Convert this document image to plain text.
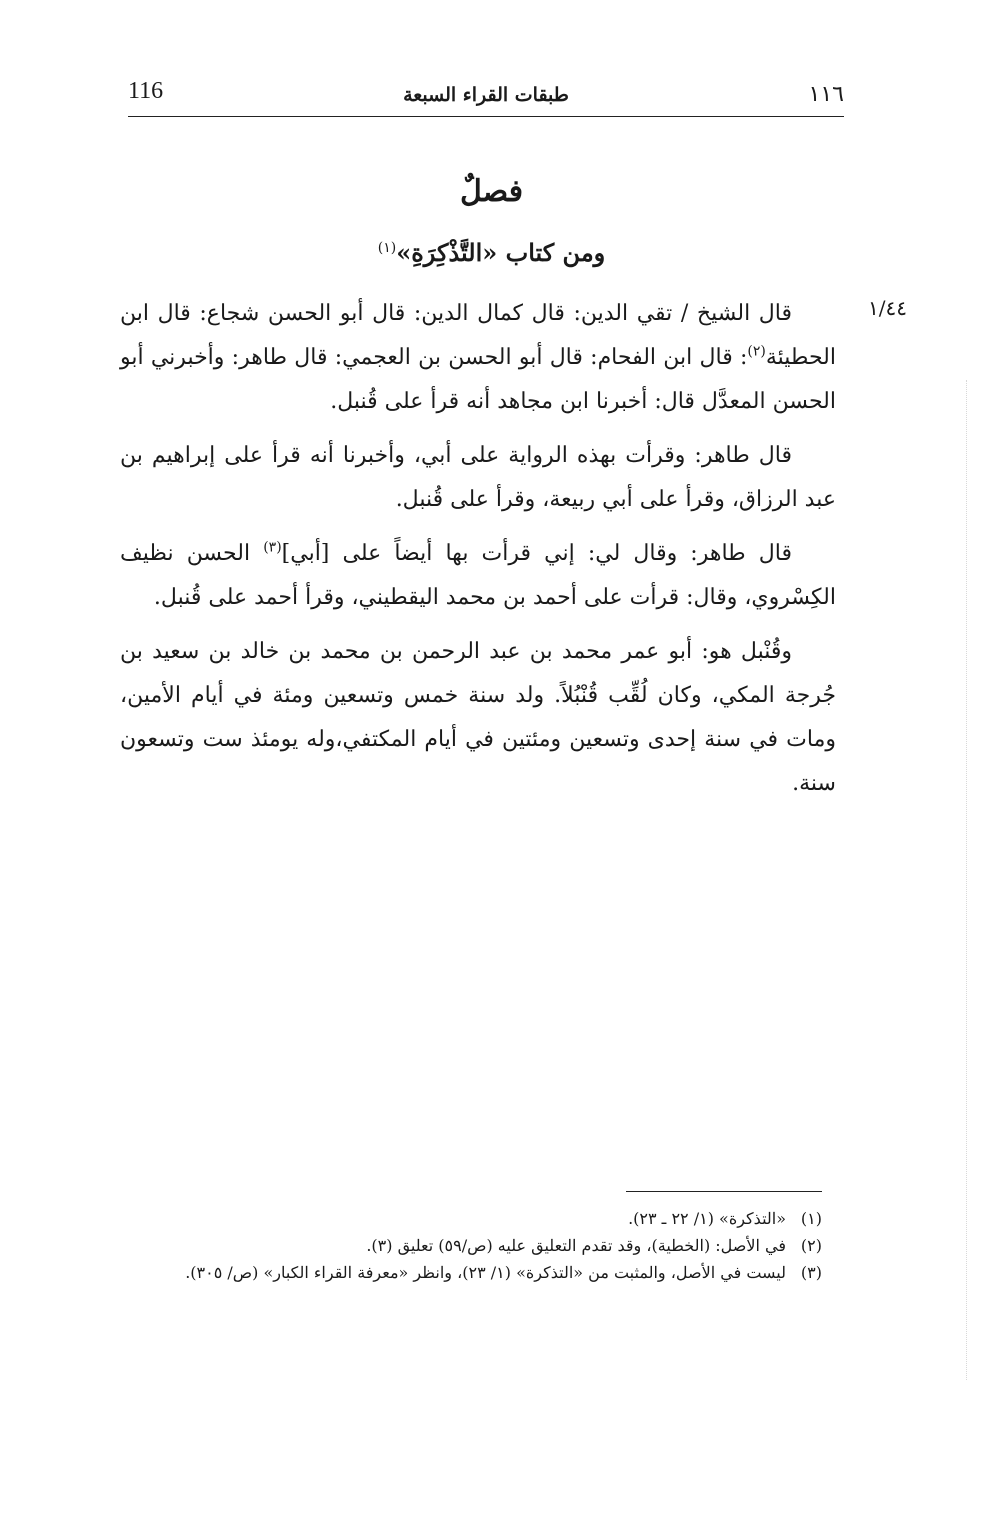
116	طبقات القراء السبعة	١١٦
فصلٌ
ومن كتاب «التَّذْكِرَةِ»$^{(١)}$
١/٤٤

قال الشيخ / تقي الدين: قال كمال الدين: قال أبو الحسن شجاع: قال ابن الحطيئة$^{(٢)}$: قال ابن الفحام: قال أبو الحسن بن العجمي: قال طاهر: وأخبرني أبو الحسن المعدَّل قال: أخبرنا ابن مجاهد أنه قرأ على قُنبل.

قال طاهر: وقرأت بهذه الرواية على أبي، وأخبرنا أنه قرأ على إبراهيم بن عبد الرزاق، وقرأ على أبي ربيعة، وقرأ على قُنبل.

قال طاهر: وقال لي: إني قرأت بها أيضاً على [أبي]$^{(٣)}$ الحسن نظيف الكِسْروي، وقال: قرأت على أحمد بن محمد اليقطيني، وقرأ أحمد على قُنبل.

وقُنْبل هو: أبو عمر محمد بن عبد الرحمن بن محمد بن خالد بن سعيد بن جُرجة المكي، وكان لُقِّب قُنْبُلاً. ولد سنة خمس وتسعين ومئة في أيام الأمين، ومات في سنة إحدى وتسعين ومئتين في أيام المكتفي،وله يومئذ ست وتسعون سنة.

(١)
«التذكرة» (١/ ٢٢ ـ ٢٣).
(٢)
في الأصل: (الخطية)، وقد تقدم التعليق عليه (ص/٥٩) تعليق (٣).
(٣)
ليست في الأصل، والمثبت من «التذكرة» (١/ ٢٣)، وانظر «معرفة القراء الكبار» (ص/ ٣٠٥).
